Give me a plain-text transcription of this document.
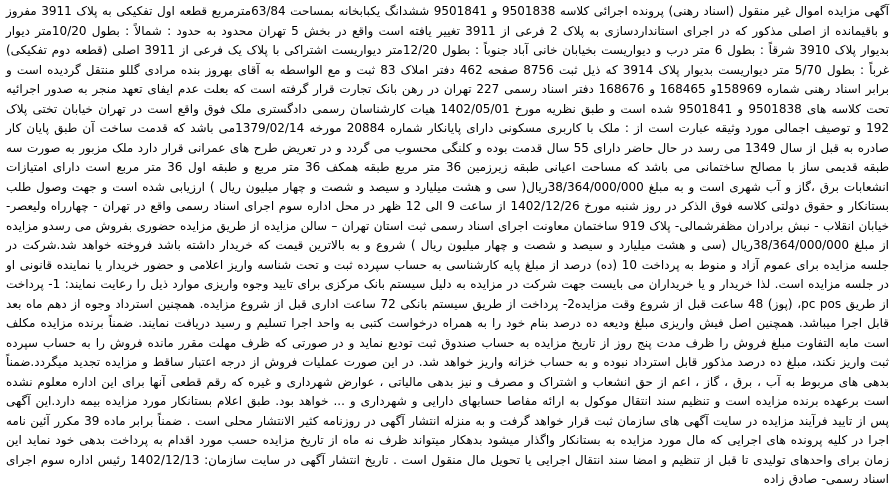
آگهی مزایده اموال غیر منقول (اسناد رهنی) پرونده اجرائی کلاسه 9501838 و 9501841 ششدانگ یکبابخانه بمساحت 63/84مترمربع قطعه اول تفکیکی به پلاک 3911 مفروز و باقیمانده از اصلی مذکور که در اجرای استانداردسازی به پلاک 2 فرعی از 3911 تغییر یافته است واقع در بخش 5 تهران محدود به حدود : شمالاً : بطول 10/20متر دیوار بدیوار پلاک 3910 شرقاً : بطول 6 متر درب و دیواریست بخیابان خانی آباد جنوباً : بطول 12/20متر دیواریست اشتراکی با پلاک یک فرعی از 3911 اصلی (قطعه دوم تفکیکی) غرباً : بطول 5/70 متر دیواریست بدیوار پلاک 3914 که ذیل ثبت 8756 صفحه 462 دفتر املاک 83 ثبت و مع الواسطه به آقای بهروز بنده مرادی گللو منتقل گردیده است و برابر اسناد رهنی شماره 158969و 168465 و 168676 دفتر اسناد رسمی 227 تهران در رهن بانک تجارت قرار گرفته است که بعلت عدم ایفای تعهد منجر به صدور اجرائیه تحت کلاسه های 9501838 و 9501841 شده است و طبق نظریه مورخ 1402/05/01 هیات کارشناسان رسمی دادگستری ملک فوق واقع است در تهران خیابان تختی پلاک 192 و توصیف اجمالی مورد وثیقه عبارت است از : ملک با کاربری مسکونی دارای پایانکار شماره 20884 مورخه 1379/02/14می باشد که قدمت ساخت آن طبق پایان کار صادره به قبل از سال 1349 می رسد در حال حاضر دارای 55 سال قدمت بوده و کلنگی محسوب می گردد و در تعریض طرح های عمرانی قرار دارد ملک مزبور به صورت سه طبقه قدیمی ساز با مصالح ساختمانی می باشد که مساحت اعیانی طبقه زیرزمین 36 متر مربع طبقه همکف 36 متر مربع و طبقه اول 36 متر مربع است دارای امتیازات انشعابات برق ،گاز و آب شهری است و به مبلغ 38/364/000/000ریال( سی و هشت میلیارد و سیصد و شصت و چهار میلیون ریال ) ارزیابی شده است و جهت وصول طلب بستانکار و حقوق دولتی کلاسه فوق الذکر در روز شنبه مورخ 1402/12/26 از ساعت 9 الی 12 ظهر در محل اداره سوم اجرای اسناد رسمی واقع در تهران - چهارراه ولیعصر- خیابان انقلاب - نبش برادران مظفرشمالی- پلاک 919 ساختمان معاونت اجرای اسناد رسمی ثبت استان تهران – سالن مزایده از طریق مزایده حضوری بفروش می رسدو مزایده از مبلغ 38/364/000/000ریال (سی و هشت میلیارد و سیصد و شصت و چهار میلیون ریال ) شروع و به بالاترین قیمت که خریدار داشته باشد فروخته خواهد شد.شرکت در جلسه مزایده برای عموم آزاد و منوط به پرداخت 10 (ده) درصد از مبلغ پایه کارشناسی به حساب سپرده ثبت و تحت شناسه واریز اعلامی و حضور خریدار یا نماینده قانونی او در جلسه مزایده است. لذا خریدار و یا خریداران می بایست جهت شرکت در مزایده به دلیل سیستم بانک مرکزی برای تایید وجوه واریزی موارد ذیل را رعایت نمایند: 1- پرداخت از طریق pc pos، (پوز) 48 ساعت قبل از شروع وقت مزایده2- پرداخت از طریق سیستم بانکی 72 ساعت اداری قبل از شروع مزایده. همچنین استرداد وجوه از دهم ماه بعد قابل اجرا میباشد. همچنین اصل فیش واریزی مبلغ ودیعه ده درصد بنام خود را به همراه درخواست کتبی به واحد اجرا تسلیم و رسید دریافت نمایند. ضمناً برنده مزایده مکلف است مابه التفاوت مبلغ فروش را ظرف مدت پنج روز از تاریخ مزایده به حساب صندوق ثبت تودیع نماید و در صورتی که ظرف مهلت مقرر مانده فروش را به حساب سپرده ثبت واریز نکند، مبلغ ده درصد مذکور قابل استرداد نبوده و به حساب خزانه واریز خواهد شد. در این صورت عملیات فروش از درجه اعتبار ساقط و مزایده تجدید میگردد.ضمناً بدهی های مربوط به آب ، برق ، گاز ، اعم از حق انشعاب و اشتراک و مصرف و نیز بدهی مالیاتی ، عوارض شهرداری و غیره که رقم قطعی آنها برای این اداره معلوم نشده است برعهده برنده مزایده است و تنظیم سند انتقال موکول به ارائه مفاصا حسابهای دارایی و شهرداری و ... خواهد بود. طبق اعلام بستانکار مورد مزایده بیمه دارد.این آگهی پس از تایید فرآیند مزایده در سایت آگهی های سازمان ثبت قرار خواهد گرفت و به منزله انتشار آگهی در روزنامه کثیر الانتشار محلی است . ضمناً برابر ماده 39 مکرر آئین نامه اجرا در کلیه پرونده های اجرایی که مال مورد مزایده به بستانکار واگذار میشود بدهکار میتواند ظرف نه ماه از تاریخ مزایده حسب مورد اقدام به پرداخت بدهی خود نماید این زمان برای واحدهای تولیدی تا قبل از تنظیم و امضا سند انتقال اجرایی یا تحویل مال منقول است . تاریخ انتشار آگهی در سایت سازمان: 1402/12/13 رئیس اداره سوم اجرای اسناد رسمی- صادق زاده
